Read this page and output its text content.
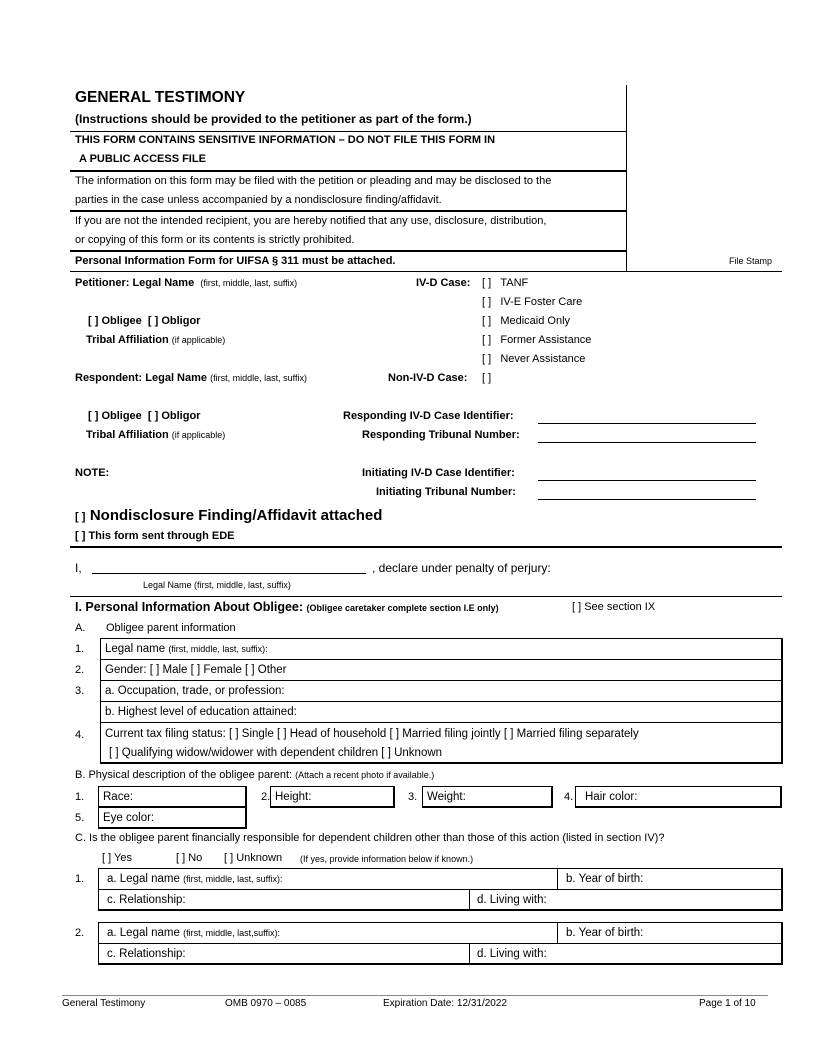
GENERAL TESTIMONY
(Instructions should be provided to the petitioner as part of the form.)
THIS FORM CONTAINS SENSITIVE INFORMATION – DO NOT FILE THIS FORM IN
A PUBLIC ACCESS FILE
The information on this form may be filed with the petition or pleading and may be disclosed to the
parties in the case unless accompanied by a nondisclosure finding/affidavit.
If you are not the intended recipient, you are hereby notified that any use, disclosure, distribution,
or copying of this form or its contents is strictly prohibited.
Personal Information Form for UIFSA § 311 must be attached.	File Stamp
Petitioner: Legal Name (first, middle, last, suffix)	IV-D Case: [ ] TANF
[ ] IV-E Foster Care
[ ] Medicaid Only
[ ] Former Assistance
[ ] Never Assistance
[ ] Obligee [ ] Obligor
Tribal Affiliation (if applicable)
Respondent: Legal Name (first, middle, last, suffix)	Non-IV-D Case: [ ]
[ ] Obligee [ ] Obligor
Tribal Affiliation (if applicable)
Responding IV-D Case Identifier:
Responding Tribunal Number:
NOTE:	Initiating IV-D Case Identifier:
Initiating Tribunal Number:
[ ] Nondisclosure Finding/Affidavit attached
[ ] This form sent through EDE
I,	, declare under penalty of perjury:
Legal Name (first, middle, last, suffix)
I. Personal Information About Obligee: (Obligee caretaker complete section I.E only)	[ ] See section IX
A. Obligee parent information
1.	Legal name (first, middle, last, suffix):
2.	Gender: [ ] Male [ ] Female [ ] Other
3.	a. Occupation, trade, or profession:
b. Highest level of education attained:
4.	Current tax filing status: [ ] Single [ ] Head of household [ ] Married filing jointly [ ] Married filing separately
[ ] Qualifying widow/widower with dependent children [ ] Unknown
B. Physical description of the obligee parent: (Attach a recent photo if available.)
1.	Race:	2. Height:	3. Weight:	4.	Hair color:
5.	Eye color:
C. Is the obligee parent financially responsible for dependent children other than those of this action (listed in section IV)?
[ ] Yes	[ ] No [ ] Unknown (If yes, provide information below if known.)
1.	a. Legal name (first, middle, last, suffix):	b. Year of birth:
c. Relationship:	d. Living with:
2.	a. Legal name (first, middle, last,suffix):	b. Year of birth:
c. Relationship:	d. Living with:
General Testimony	OMB 0970 – 0085	Expiration Date: 12/31/2022	Page 1 of 10
